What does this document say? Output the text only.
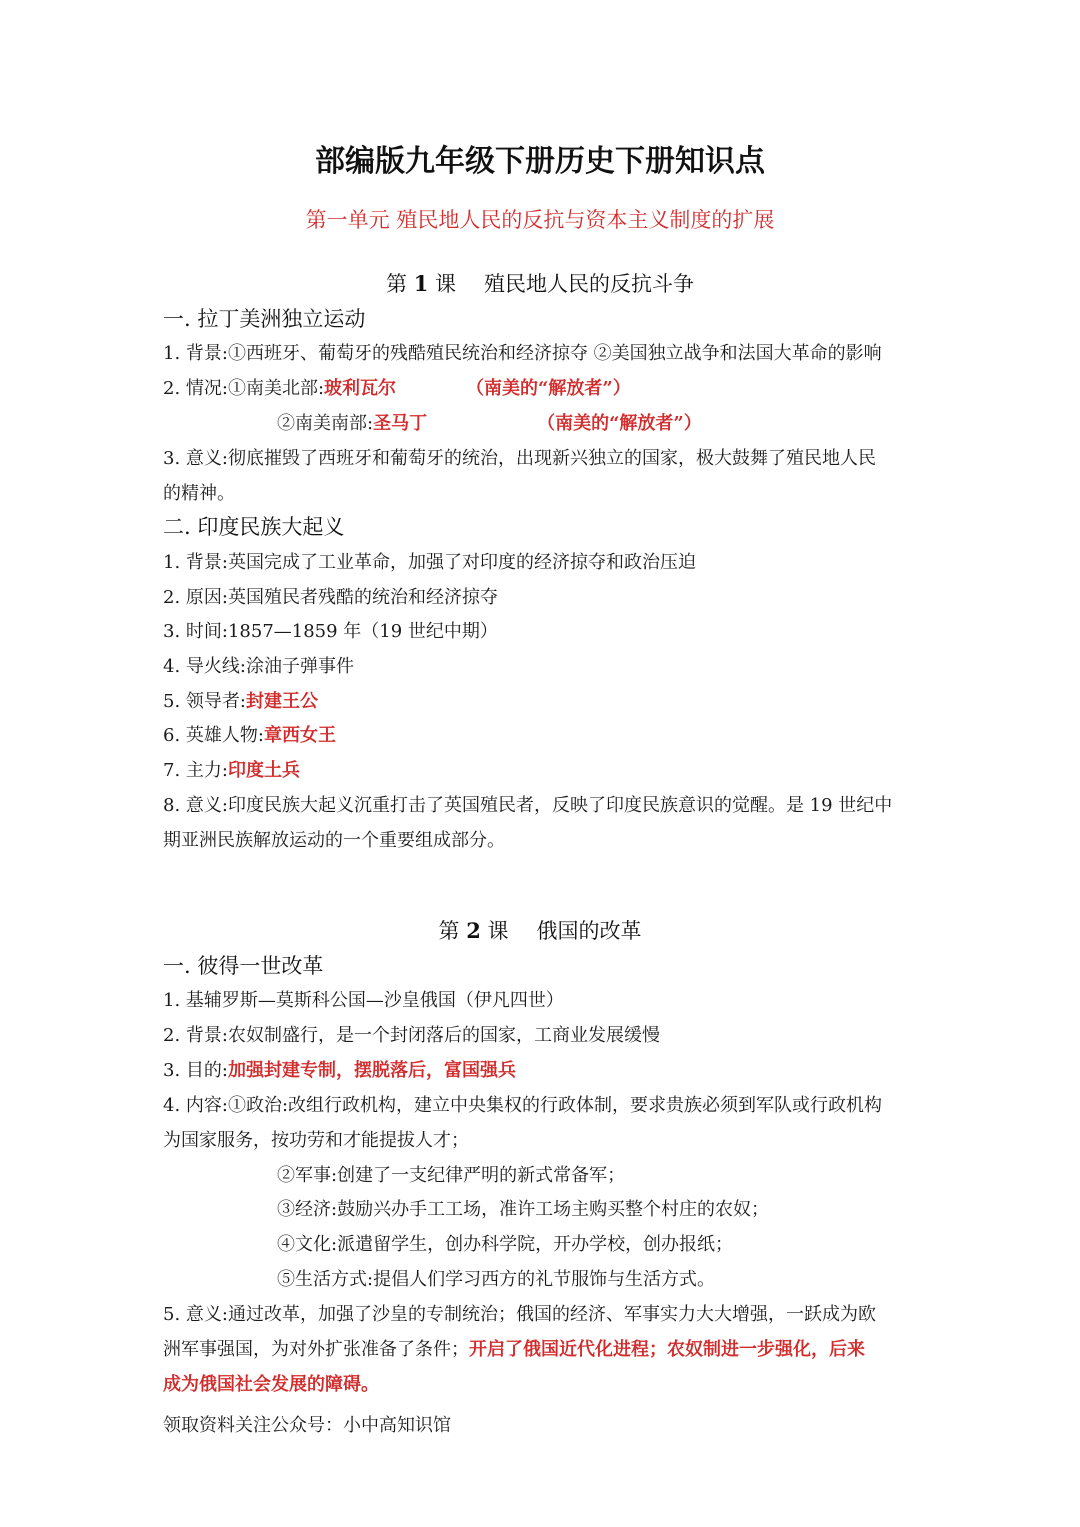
部编版九年级下册历史下册知识点
第一单元 殖民地人民的反抗与资本主义制度的扩展
第 1 课 殖民地人民的反抗斗争
一. 拉丁美洲独立运动
1. 背景:①西班牙、葡萄牙的残酷殖民统治和经济掠夺 ②美国独立战争和法国大革命的影响
2. 情况:①南美北部:玻利瓦尔	（南美的“解放者”）
②南美南部:圣马丁	（南美的“解放者”）
3. 意义:彻底摧毁了西班牙和葡萄牙的统治，出现新兴独立的国家，极大鼓舞了殖民地人民
的精神。
二. 印度民族大起义
1. 背景:英国完成了工业革命，加强了对印度的经济掠夺和政治压迫
2. 原因:英国殖民者残酷的统治和经济掠夺
3. 时间:1857—1859 年（19 世纪中期）
4. 导火线:涂油子弹事件
5. 领导者:封建王公
6. 英雄人物:章西女王
7. 主力:印度土兵
8. 意义:印度民族大起义沉重打击了英国殖民者，反映了印度民族意识的觉醒。是 19 世纪中
期亚洲民族解放运动的一个重要组成部分。
第 2 课 俄国的改革
一. 彼得一世改革
1. 基辅罗斯—莫斯科公国—沙皇俄国（伊凡四世）
2. 背景:农奴制盛行，是一个封闭落后的国家，工商业发展缓慢
3. 目的:加强封建专制，摆脱落后，富国强兵
4. 内容:①政治:改组行政机构，建立中央集权的行政体制，要求贵族必须到军队或行政机构
为国家服务，按功劳和才能提拔人才；
②军事:创建了一支纪律严明的新式常备军；
③经济:鼓励兴办手工工场，准许工场主购买整个村庄的农奴；
④文化:派遣留学生，创办科学院，开办学校，创办报纸；
⑤生活方式:提倡人们学习西方的礼节服饰与生活方式。
5. 意义:通过改革，加强了沙皇的专制统治；俄国的经济、军事实力大大增强，一跃成为欧
洲军事强国，为对外扩张准备了条件；开启了俄国近代化进程；农奴制进一步强化，后来
成为俄国社会发展的障碍。
领取资料关注公众号：小中高知识馆
